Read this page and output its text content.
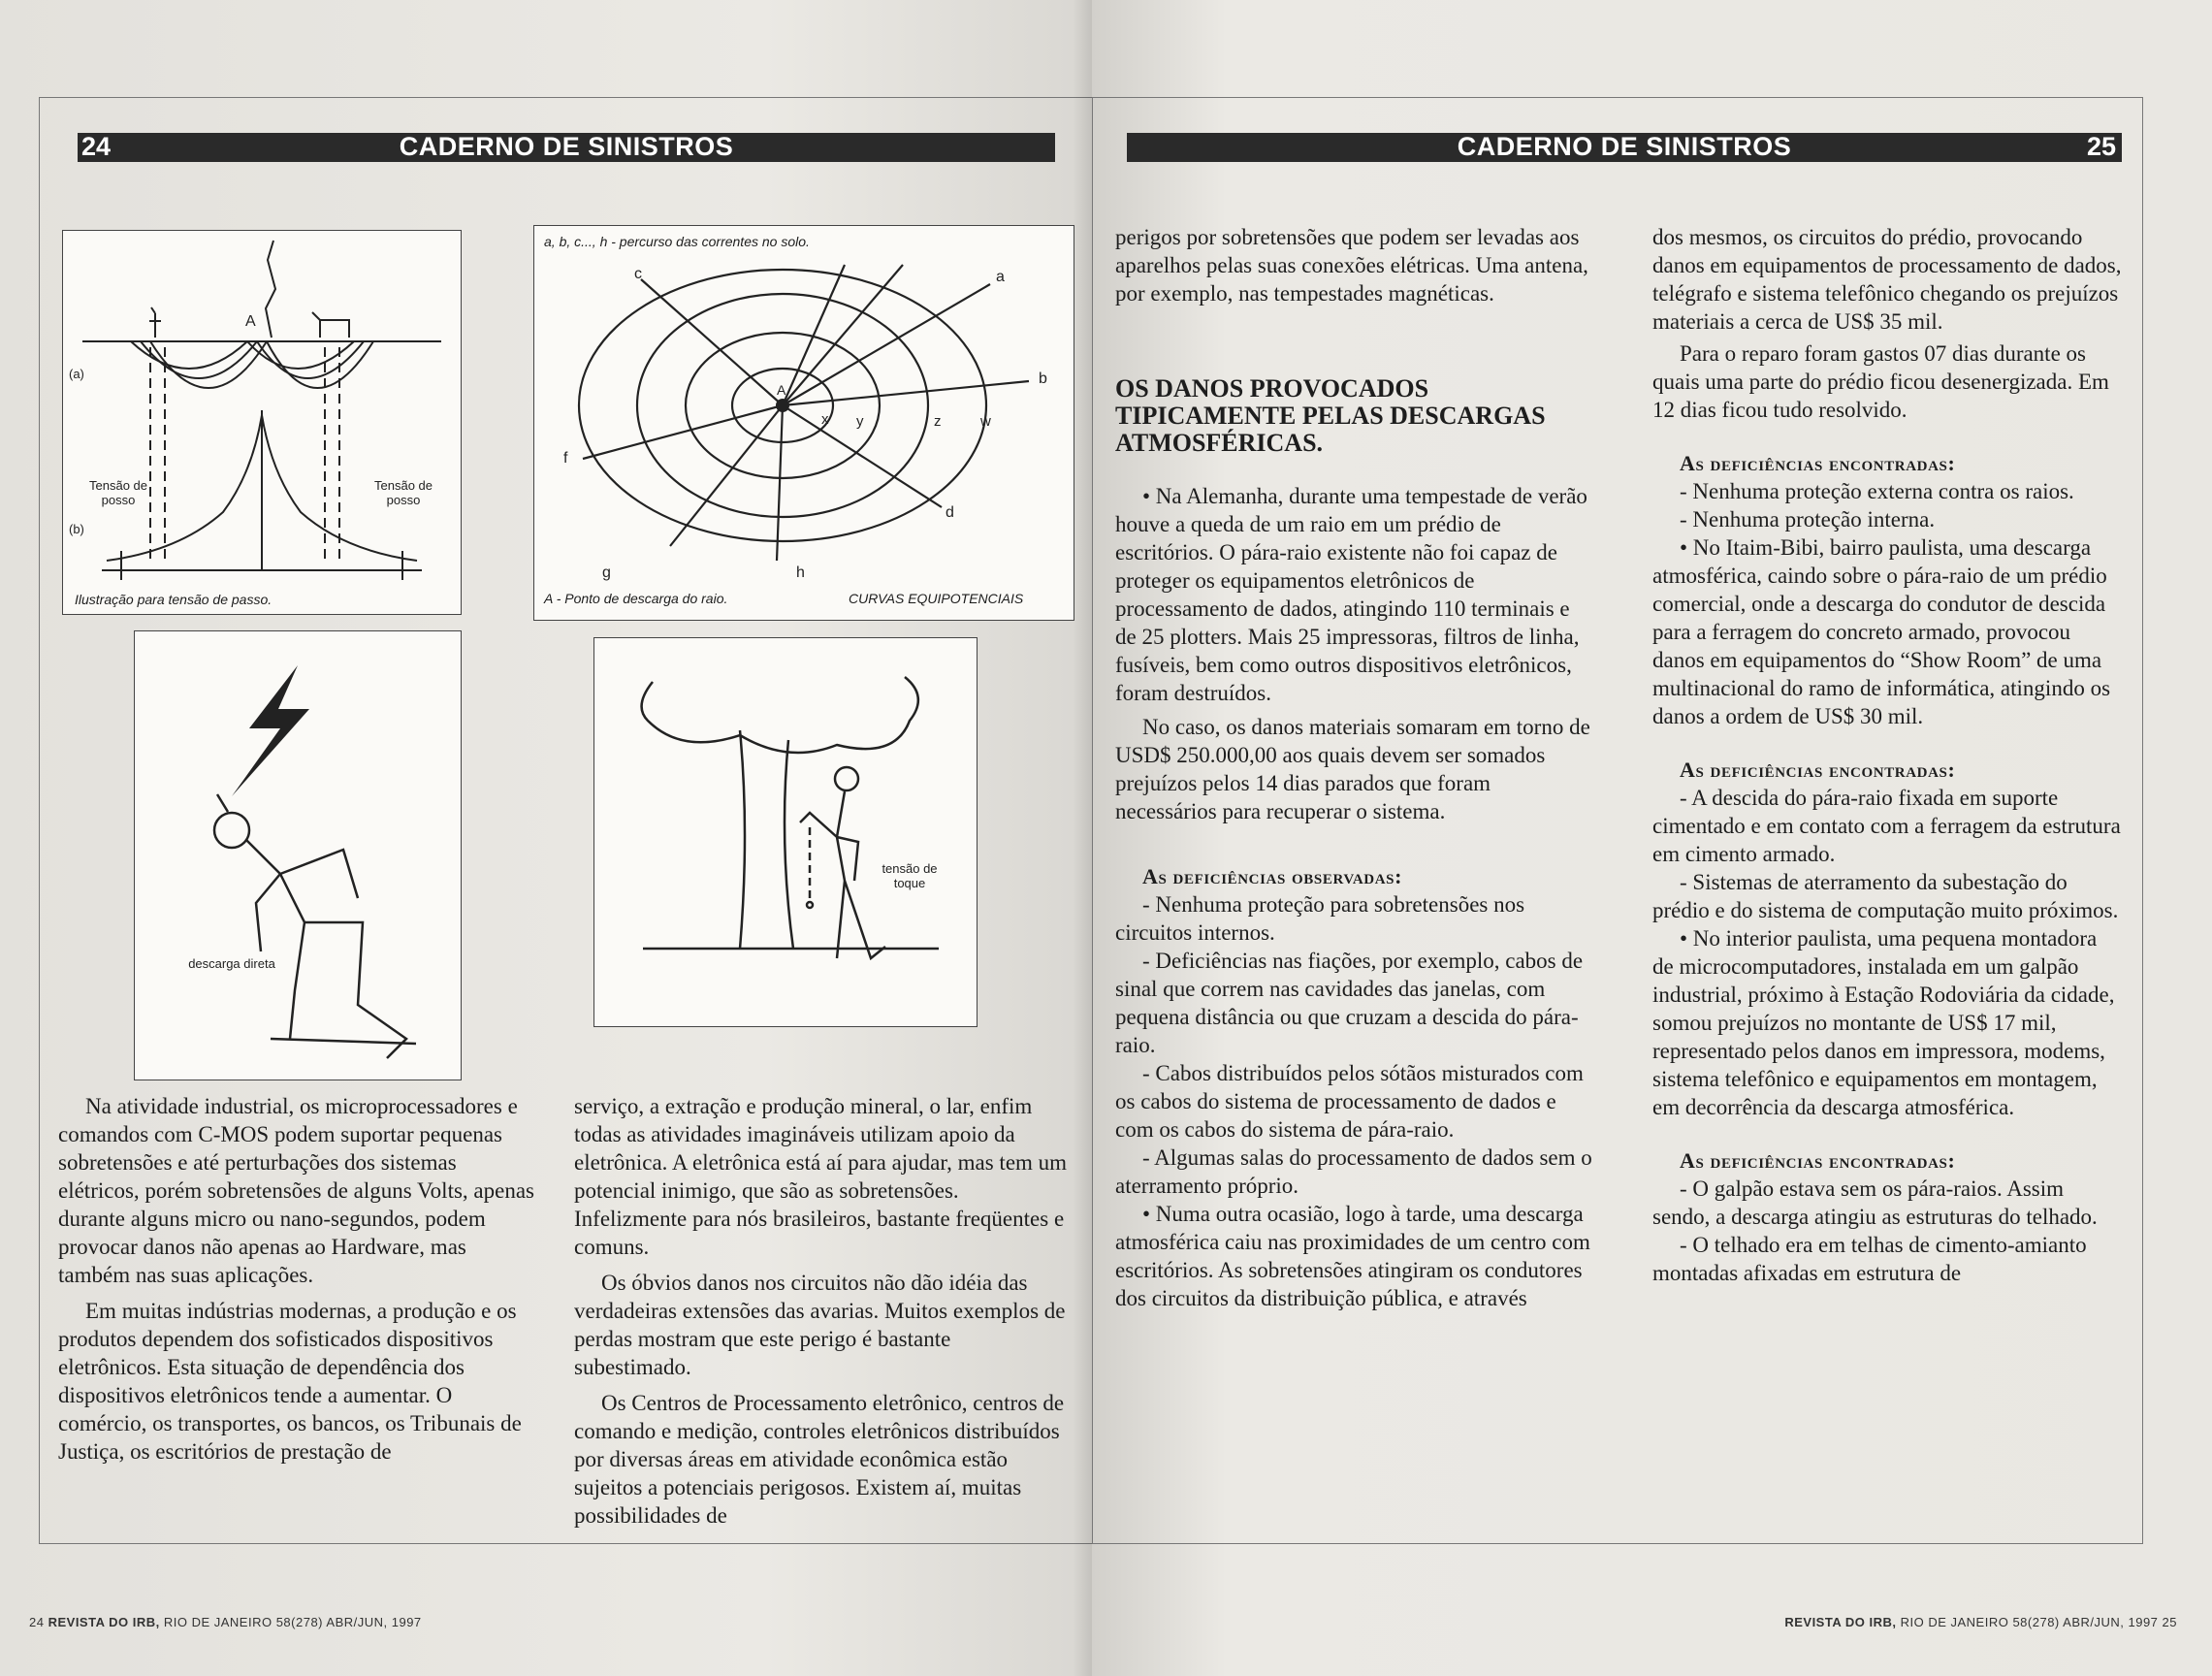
24	CADERNO DE SINISTROS
(a)
(b)
A
Tensão de posso
Tensão de posso
Ilustração para tensão de passo.
a, b, c..., h - percurso das correntes no solo.
a
b
c
d
f
g	h
A
x y	z	w
A - Ponto de descarga do raio.	CURVAS EQUIPOTENCIAIS
descarga direta
tensão de toque

Na atividade industrial, os microprocessadores e comandos com C-MOS podem suportar pequenas sobretensões e até perturbações dos sistemas elétricos, porém sobretensões de alguns Volts, apenas durante alguns micro ou nano-segundos, podem provocar danos não apenas ao Hardware, mas também nas suas aplicações.

Em muitas indústrias modernas, a produção e os produtos dependem dos sofisticados dispositivos eletrônicos. Esta situação de dependência dos dispositivos eletrônicos tende a aumentar. O comércio, os transportes, os bancos, os Tribunais de Justiça, os escritórios de prestação de

serviço, a extração e produção mineral, o lar, enfim todas as atividades imagináveis utilizam apoio da eletrônica. A eletrônica está aí para ajudar, mas tem um potencial inimigo, que são as sobretensões. Infelizmente para nós brasileiros, bastante freqüentes e comuns.

Os óbvios danos nos circuitos não dão idéia das verdadeiras extensões das avarias. Muitos exemplos de perdas mostram que este perigo é bastante subestimado.

Os Centros de Processamento eletrônico, centros de comando e medição, controles eletrônicos distribuídos por diversas áreas em atividade econômica estão sujeitos a potenciais perigosos. Existem aí, muitas possibilidades de

24 REVISTA DO IRB, RIO DE JANEIRO 58(278) ABR/JUN, 1997
CADERNO DE SINISTROS	25

perigos por sobretensões que podem ser levadas aos aparelhos pelas suas conexões elétricas. Uma antena, por exemplo, nas tempestades magnéticas.

OS DANOS PROVOCADOS TIPICAMENTE PELAS DESCARGAS ATMOSFÉRICAS.

• Na Alemanha, durante uma tempestade de verão houve a queda de um raio em um prédio de escritórios. O pára-raio existente não foi capaz de proteger os equipamentos eletrônicos de processamento de dados, atingindo 110 terminais e de 25 plotters. Mais 25 impressoras, filtros de linha, fusíveis, bem como outros dispositivos eletrônicos, foram destruídos.

No caso, os danos materiais somaram em torno de USD$ 250.000,00 aos quais devem ser somados prejuízos pelos 14 dias parados que foram necessários para recuperar o sistema.

As deficiências observadas:

- Nenhuma proteção para sobretensões nos circuitos internos.

- Deficiências nas fiações, por exemplo, cabos de sinal que correm nas cavidades das janelas, com pequena distância ou que cruzam a descida do pára-raio.

- Cabos distribuídos pelos sótãos misturados com os cabos do sistema de processamento de dados e com os cabos do sistema de pára-raio.

- Algumas salas do processamento de dados sem o aterramento próprio.

• Numa outra ocasião, logo à tarde, uma descarga atmosférica caiu nas proximidades de um centro com escritórios. As sobretensões atingiram os condutores dos circuitos da distribuição pública, e através

dos mesmos, os circuitos do prédio, provocando danos em equipamentos de processamento de dados, telégrafo e sistema telefônico chegando os prejuízos materiais a cerca de US$ 35 mil.

Para o reparo foram gastos 07 dias durante os quais uma parte do prédio ficou desenergizada. Em 12 dias ficou tudo resolvido.

As deficiências encontradas:

- Nenhuma proteção externa contra os raios.

- Nenhuma proteção interna.

• No Itaim-Bibi, bairro paulista, uma descarga atmosférica, caindo sobre o pára-raio de um prédio comercial, onde a descarga do condutor de descida para a ferragem do concreto armado, provocou danos em equipamentos do “Show Room” de uma multinacional do ramo de informática, atingindo os danos a ordem de US$ 30 mil.

As deficiências encontradas:

- A descida do pára-raio fixada em suporte cimentado e em contato com a ferragem da estrutura em cimento armado.

- Sistemas de aterramento da subestação do prédio e do sistema de computação muito próximos.

• No interior paulista, uma pequena montadora de microcomputadores, instalada em um galpão industrial, próximo à Estação Rodoviária da cidade, somou prejuízos no montante de US$ 17 mil, representado pelos danos em impressora, modems, sistema telefônico e equipamentos em montagem, em decorrência da descarga atmosférica.

As deficiências encontradas:

- O galpão estava sem os pára-raios. Assim sendo, a descarga atingiu as estruturas do telhado.

- O telhado era em telhas de cimento-amianto montadas afixadas em estrutura de

REVISTA DO IRB, RIO DE JANEIRO 58(278) ABR/JUN, 1997 25
